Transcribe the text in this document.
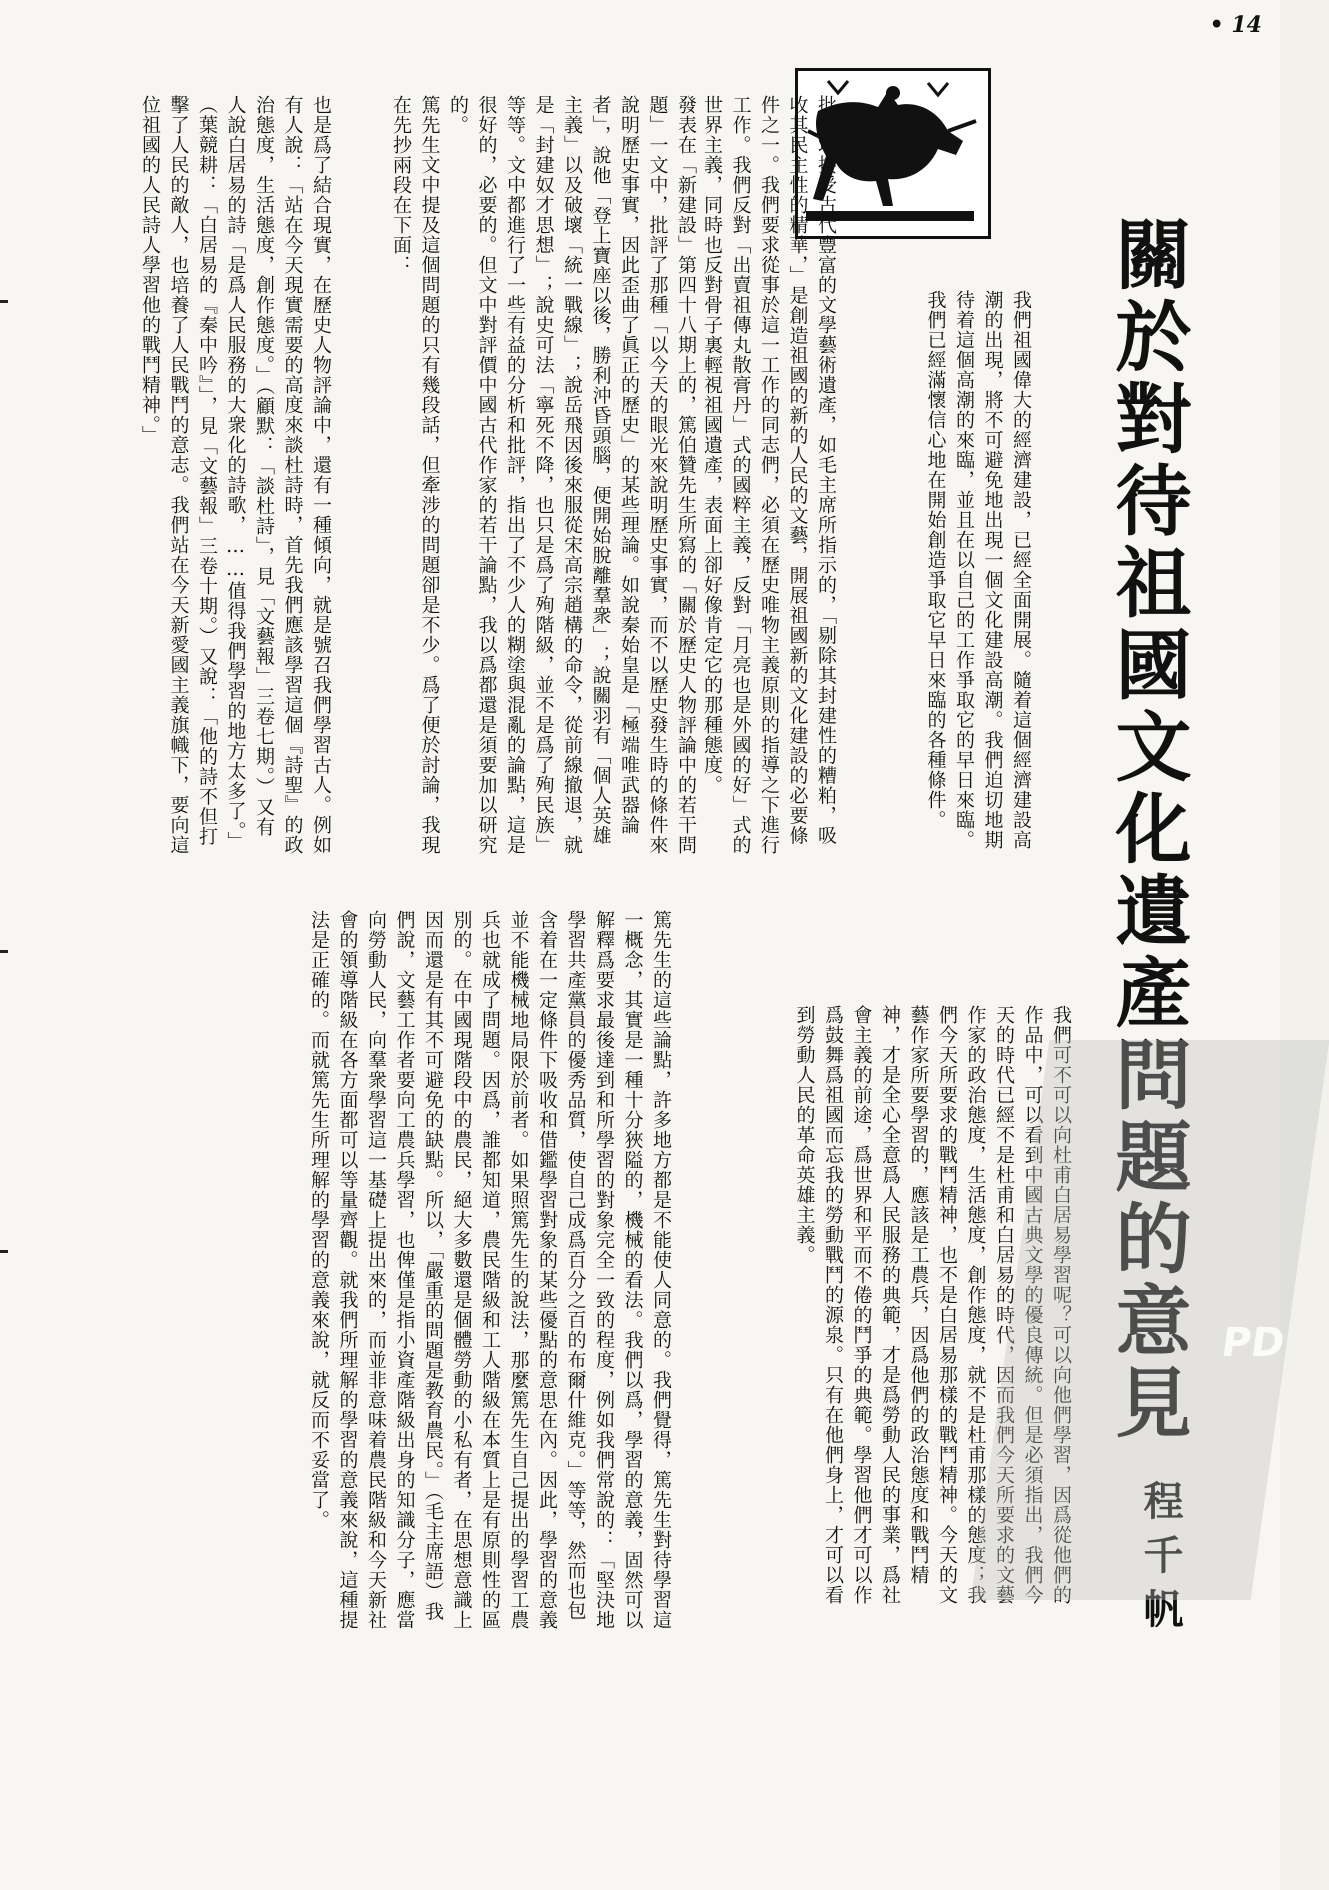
• 14
關於對待祖國文化遺產問題的意見
程千帆

我們祖國偉大的經濟建設，已經全面開展。隨着這個經濟建設高潮的出現，將不可避免地出現一個文化建設高潮。我們迫切地期待着這個高潮的來臨，並且在以自己的工作爭取它的早日來臨。我們已經滿懷信心地在開始創造爭取它早日來臨的各種條件。

批判地接受古代豐富的文學藝術遺產，如毛主席所指示的，「剔除其封建性的糟粕，吸收其民主性的精華，」是創造祖國的新的人民的文藝，開展祖國新的文化建設的必要條件之一。我們要求從事於這一工作的同志們，必須在歷史唯物主義原則的指導之下進行工作。我們反對「出賣祖傳丸散膏丹」式的國粹主義，反對「月亮也是外國的好」式的世界主義，同時也反對骨子裏輕視祖國遺產，表面上卻好像肯定它的那種態度。

發表在「新建設」第四十八期上的，篤伯贊先生所寫的「關於歷史人物評論中的若干問題」一文中，批評了那種「以今天的眼光來說明歷史事實，而不以歷史發生時的條件來說明歷史事實，因此歪曲了眞正的歷史」的某些理論。如說秦始皇是「極端唯武器論者」，說他「登上寶座以後，勝利沖昏頭腦，便開始脫離羣衆」；說關羽有「個人英雄主義」以及破壞「統一戰線」；說岳飛因後來服從宋高宗趙構的命令，從前線撤退，就是「封建奴才思想」；說史可法「寧死不降，也只是爲了殉階級，並不是爲了殉民族」等等。文中都進行了一些有益的分析和批評，指出了不少人的糊塗與混亂的論點，這是很好的，必要的。但文中對評價中國古代作家的若干論點，我以爲都還是須要加以研究的。

篤先生文中提及這個問題的只有幾段話，但牽涉的問題卻是不少。爲了便於討論，我現在先抄兩段在下面：

也是爲了結合現實，在歷史人物評論中，還有一種傾向，就是號召我們學習古人。例如有人說：「站在今天現實需要的高度來談杜詩時，首先我們應該學習這個『詩聖』的政治態度，生活態度，創作態度。」（顧默：「談杜詩」，見「文藝報」三卷七期。）又有人說白居易的詩「是爲人民服務的大衆化的詩歌，……值得我們學習的地方太多了。」（葉競耕：「白居易的『秦中吟』」，見「文藝報」三卷十期。）又說：「他的詩不但打擊了人民的敵人，也培養了人民戰鬥的意志。我們站在今天新愛國主義旗幟下，要向這位祖國的人民詩人學習他的戰鬥精神。」

我們可不可以向杜甫白居易學習呢？可以向他們學習，因爲從他們的作品中，可以看到中國古典文學的優良傳統。但是必須指出，我們今天的時代已經不是杜甫和白居易的時代，因而我們今天所要求的文藝作家的政治態度，生活態度，創作態度，就不是杜甫那樣的態度；我們今天所要求的戰鬥精神，也不是白居易那樣的戰鬥精神。今天的文藝作家所要學習的，應該是工農兵，因爲他們的政治態度和戰鬥精神，才是全心全意爲人民服務的典範，才是爲勞動人民的事業，爲社會主義的前途，爲世界和平而不倦的鬥爭的典範。學習他們才可以作爲鼓舞爲祖國而忘我的勞動戰鬥的源泉。只有在他們身上，才可以看到勞動人民的革命英雄主義。

篤先生的這些論點，許多地方都是不能使人同意的。我們覺得，篤先生對待學習這一概念，其實是一種十分狹隘的，機械的看法。我們以爲，學習的意義，固然可以解釋爲要求最後達到和所學習的對象完全一致的程度，例如我們常說的：「堅決地學習共產黨員的優秀品質，使自己成爲百分之百的布爾什維克。」等等，然而也包含着在一定條件下吸收和借鑑學習對象的某些優點的意思在內。因此，學習的意義並不能機械地局限於前者。如果照篤先生的說法，那麼篤先生自己提出的學習工農兵也就成了問題。因爲，誰都知道，農民階級和工人階級在本質上是有原則性的區別的。在中國現階段中的農民，絕大多數還是個體勞動的小私有者，在思想意識上因而還是有其不可避免的缺點。所以，「嚴重的問題是教育農民。」（毛主席語）我們說，文藝工作者要向工農兵學習，也俾僅是指小資產階級出身的知識分子，應當向勞動人民，向羣衆學習這一基礎上提出來的，而並非意味着農民階級和今天新社會的領導階級在各方面都可以等量齊觀。就我們所理解的學習的意義來說，這種提法是正確的。而就篤先生所理解的學習的意義來說，就反而不妥當了。	PD
